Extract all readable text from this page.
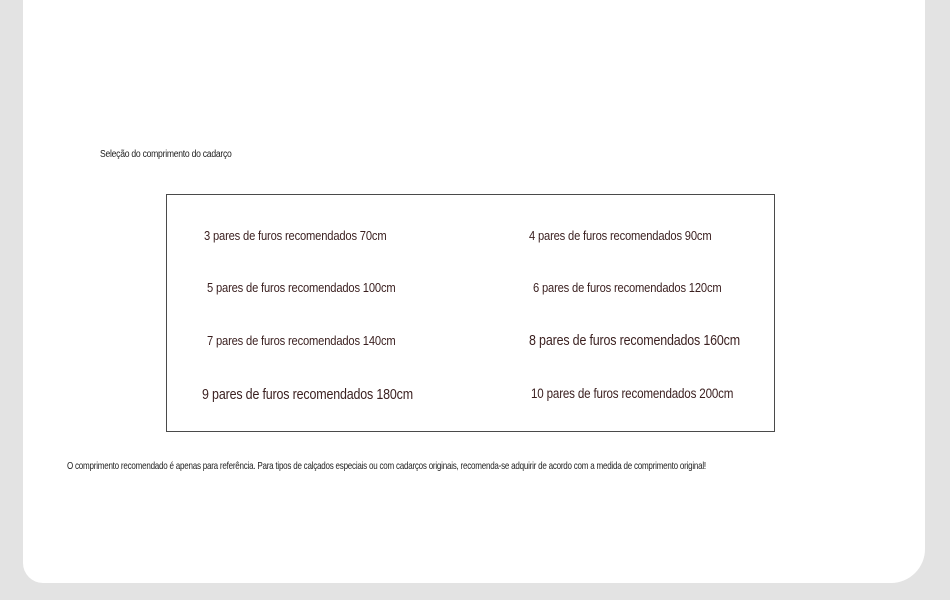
Seleção do comprimento do cadarço
3 pares de furos recomendados 70cm	4 pares de furos recomendados 90cm
5 pares de furos recomendados 100cm	6 pares de furos recomendados 120cm
7 pares de furos recomendados 140cm	8 pares de furos recomendados 160cm
9 pares de furos recomendados 180cm	10 pares de furos recomendados 200cm
O comprimento recomendado é apenas para referência. Para tipos de calçados especiais ou com cadarços originais, recomenda-se adquirir de acordo com a medida de comprimento original!
